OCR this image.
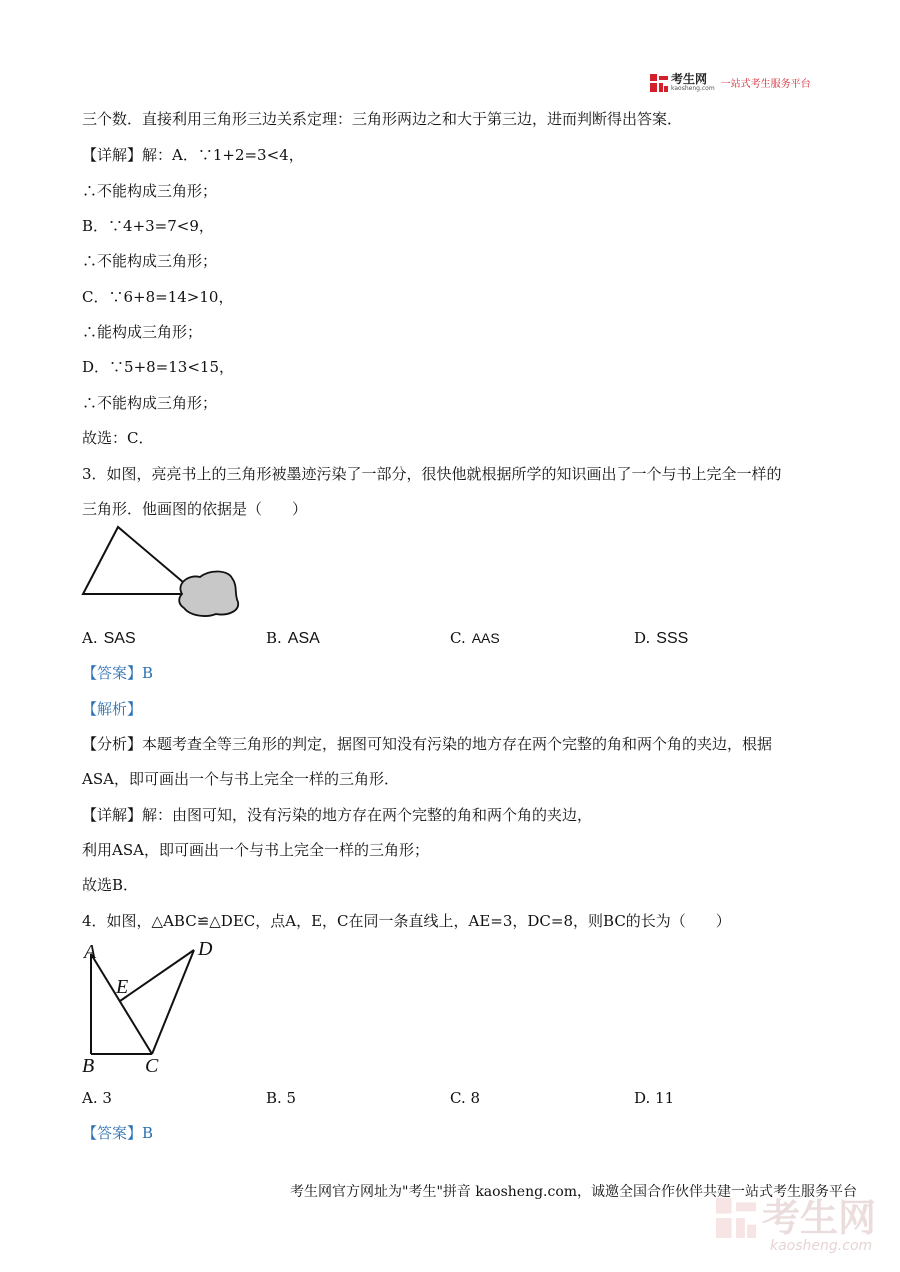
考生网
kaosheng.com 一站式考生服务平台
三个数．直接利用三角形三边关系定理：三角形两边之和大于第三边，进而判断得出答案．
【详解】解：A．∵1+2=3<4，
∴不能构成三角形；
B．∵4+3=7<9，
∴不能构成三角形；
C．∵6+8=14>10，
∴能构成三角形；
D．∵5+8=13<15，
∴不能构成三角形；
故选：C．
3．如图，亮亮书上的三角形被墨迹污染了一部分，很快他就根据所学的知识画出了一个与书上完全一样的
三角形．他画图的依据是（　　）
A. SAS	B. ASA	C. AAS	D. SSS
【答案】B
【解析】
【分析】本题考查全等三角形的判定，据图可知没有污染的地方存在两个完整的角和两个角的夹边，根据
ASA，即可画出一个与书上完全一样的三角形．
【详解】解：由图可知，没有污染的地方存在两个完整的角和两个角的夹边，
利用ASA，即可画出一个与书上完全一样的三角形；
故选B．
4．如图，△ABC≌△DEC，点A，E，C在同一条直线上，AE=3，DC=8，则BC的长为（　　）
A	D
E
B	C
A. 3	B. 5	C. 8	D. 11
【答案】B
考生网官方网址为"考生"拼音 kaosheng.com，诚邀全国合作伙伴共建一站式考生服务平台
考生网
kaosheng.com
